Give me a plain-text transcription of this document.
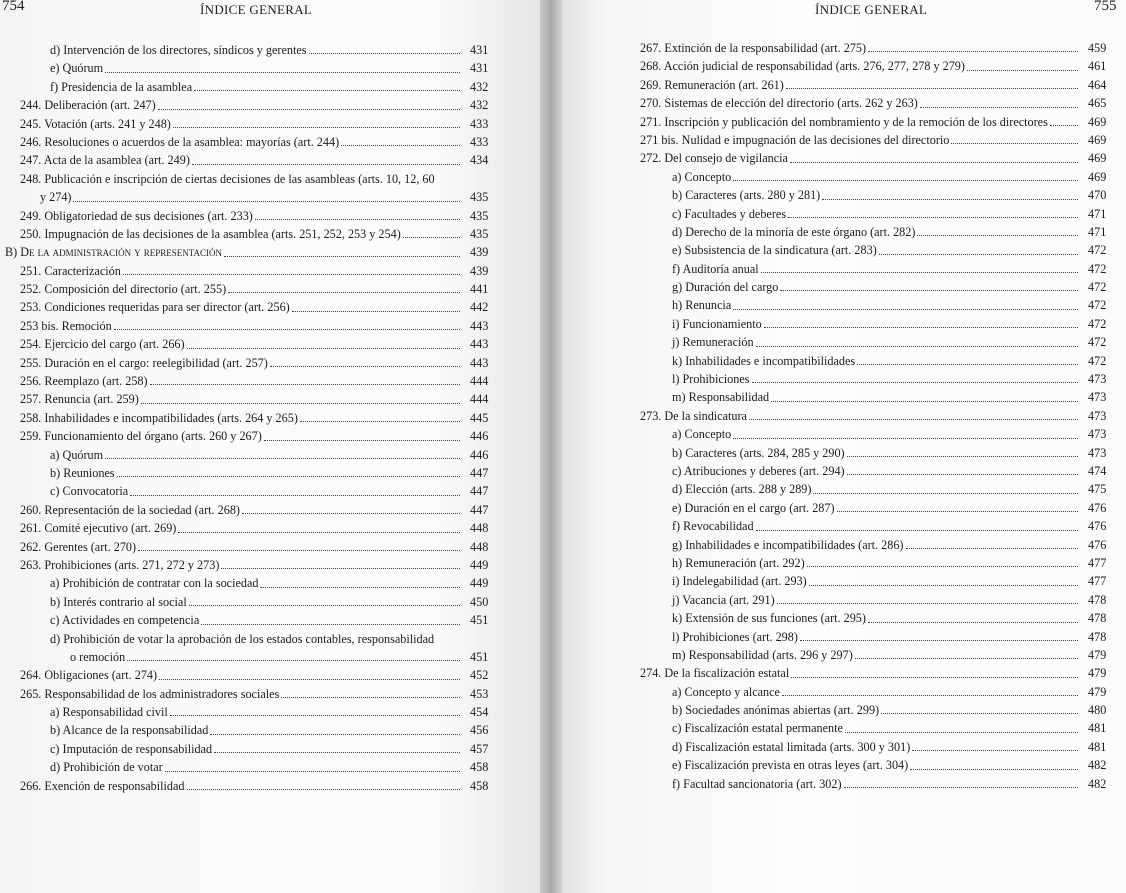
754	ÍNDICE GENERAL
d) Intervención de los directores, síndicos y gerentes	431
e) Quórum	431
f) Presidencia de la asamblea	432
244. Deliberación (art. 247)	432
245. Votación (arts. 241 y 248)	433
246. Resoluciones o acuerdos de la asamblea: mayorías (art. 244)	433
247. Acta de la asamblea (art. 249)	434
248. Publicación e inscripción de ciertas decisiones de las asambleas (arts. 10, 12, 60
y 274)	435
249. Obligatoriedad de sus decisiones (art. 233)	435
250. Impugnación de las decisiones de la asamblea (arts. 251, 252, 253 y 254)	435
B) De la administración y representación	439
251. Caracterización	439
252. Composición del directorio (art. 255)	441
253. Condiciones requeridas para ser director (art. 256)	442
253 bis. Remoción	443
254. Ejercicio del cargo (art. 266)	443
255. Duración en el cargo: reelegibilidad (art. 257)	443
256. Reemplazo (art. 258)	444
257. Renuncia (art. 259)	444
258. Inhabilidades e incompatibilidades (arts. 264 y 265)	445
259. Funcionamiento del órgano (arts. 260 y 267)	446
a) Quórum	446
b) Reuniones	447
c) Convocatoria	447
260. Representación de la sociedad (art. 268)	447
261. Comité ejecutivo (art. 269)	448
262. Gerentes (art. 270)	448
263. Prohibiciones (arts. 271, 272 y 273)	449
a) Prohibición de contratar con la sociedad	449
b) Interés contrario al social	450
c) Actividades en competencia	451
d) Prohibición de votar la aprobación de los estados contables, responsabilidad
o remoción	451
264. Obligaciones (art. 274)	452
265. Responsabilidad de los administradores sociales	453
a) Responsabilidad civil	454
b) Alcance de la responsabilidad	456
c) Imputación de responsabilidad	457
d) Prohibición de votar	458
266. Exención de responsabilidad	458
755
ÍNDICE GENERAL
267. Extinción de la responsabilidad (art. 275)	459
268. Acción judicial de responsabilidad (arts. 276, 277, 278 y 279)	461
269. Remuneración (art. 261)	464
270. Sistemas de elección del directorio (arts. 262 y 263)	465
271. Inscripción y publicación del nombramiento y de la remoción de los directores	469
271 bis. Nulidad e impugnación de las decisiones del directorio	469
272. Del consejo de vigilancia	469
a) Concepto	469
b) Caracteres (arts. 280 y 281)	470
c) Facultades y deberes	471
d) Derecho de la minoría de este órgano (art. 282)	471
e) Subsistencia de la sindicatura (art. 283)	472
f) Auditoría anual	472
g) Duración del cargo	472
h) Renuncia	472
i) Funcionamiento	472
j) Remuneración	472
k) Inhabilidades e incompatibilidades	472
l) Prohibiciones	473
m) Responsabilidad	473
273. De la sindicatura	473
a) Concepto	473
b) Caracteres (arts. 284, 285 y 290)	473
c) Atribuciones y deberes (art. 294)	474
d) Elección (arts. 288 y 289)	475
e) Duración en el cargo (art. 287)	476
f) Revocabilidad	476
g) Inhabilidades e incompatibilidades (art. 286)	476
h) Remuneración (art. 292)	477
i) Indelegabilidad (art. 293)	477
j) Vacancia (art. 291)	478
k) Extensión de sus funciones (art. 295)	478
l) Prohibiciones (art. 298)	478
m) Responsabilidad (arts. 296 y 297)	479
274. De la fiscalización estatal	479
a) Concepto y alcance	479
b) Sociedades anónimas abiertas (art. 299)	480
c) Fiscalización estatal permanente	481
d) Fiscalización estatal limitada (arts. 300 y 301)	481
e) Fiscalización prevista en otras leyes (art. 304)	482
f) Facultad sancionatoria (art. 302)	482
